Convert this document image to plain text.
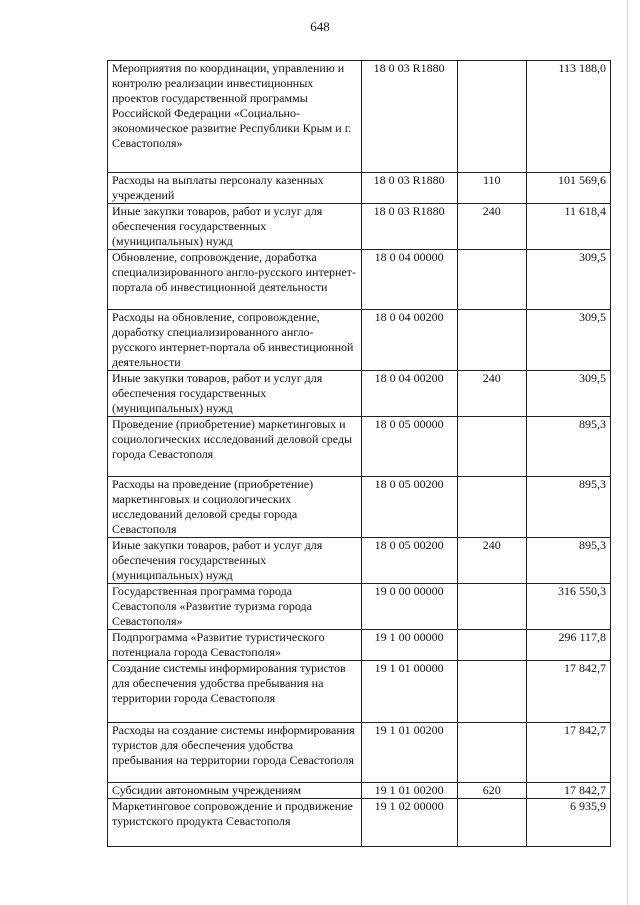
648
Мероприятия по координации, управлению и контролю реализации инвестиционных проектов государственной программы Российской Федерации «Социально-экономическое развитие Республики Крым и г. Севастополя»	18 0 03 R1880		113 188,0
Расходы на выплаты персоналу казенных учреждений	18 0 03 R1880	110	101 569,6
Иные закупки товаров, работ и услуг для обеспечения государственных (муниципальных) нужд	18 0 03 R1880	240	11 618,4
Обновление, сопровождение, доработка специализированного англо-русского интернет-портала об инвестиционной деятельности	18 0 04 00000		309,5
Расходы на обновление, сопровождение, доработку специализированного англо-русского интернет-портала об инвестиционной деятельности	18 0 04 00200		309,5
Иные закупки товаров, работ и услуг для обеспечения государственных (муниципальных) нужд	18 0 04 00200	240	309,5
Проведение (приобретение) маркетинговых и социологических исследований деловой среды города Севастополя	18 0 05 00000		895,3
Расходы на проведение (приобретение) маркетинговых и социологических исследований деловой среды города Севастополя	18 0 05 00200		895,3
Иные закупки товаров, работ и услуг для обеспечения государственных (муниципальных) нужд	18 0 05 00200	240	895,3
Государственная программа города Севастополя «Развитие туризма города Севастополя»	19 0 00 00000		316 550,3
Подпрограмма «Развитие туристического потенциала города Севастополя»	19 1 00 00000		296 117,8
Создание системы информирования туристов для обеспечения удобства пребывания на территории города Севастополя	19 1 01 00000		17 842,7
Расходы на создание системы информирования туристов для обеспечения удобства пребывания на территории города Севастополя	19 1 01 00200		17 842,7
Субсидии автономным учреждениям	19 1 01 00200	620	17 842,7
Маркетинговое сопровождение и продвижение туристского продукта Севастополя	19 1 02 00000		6 935,9
